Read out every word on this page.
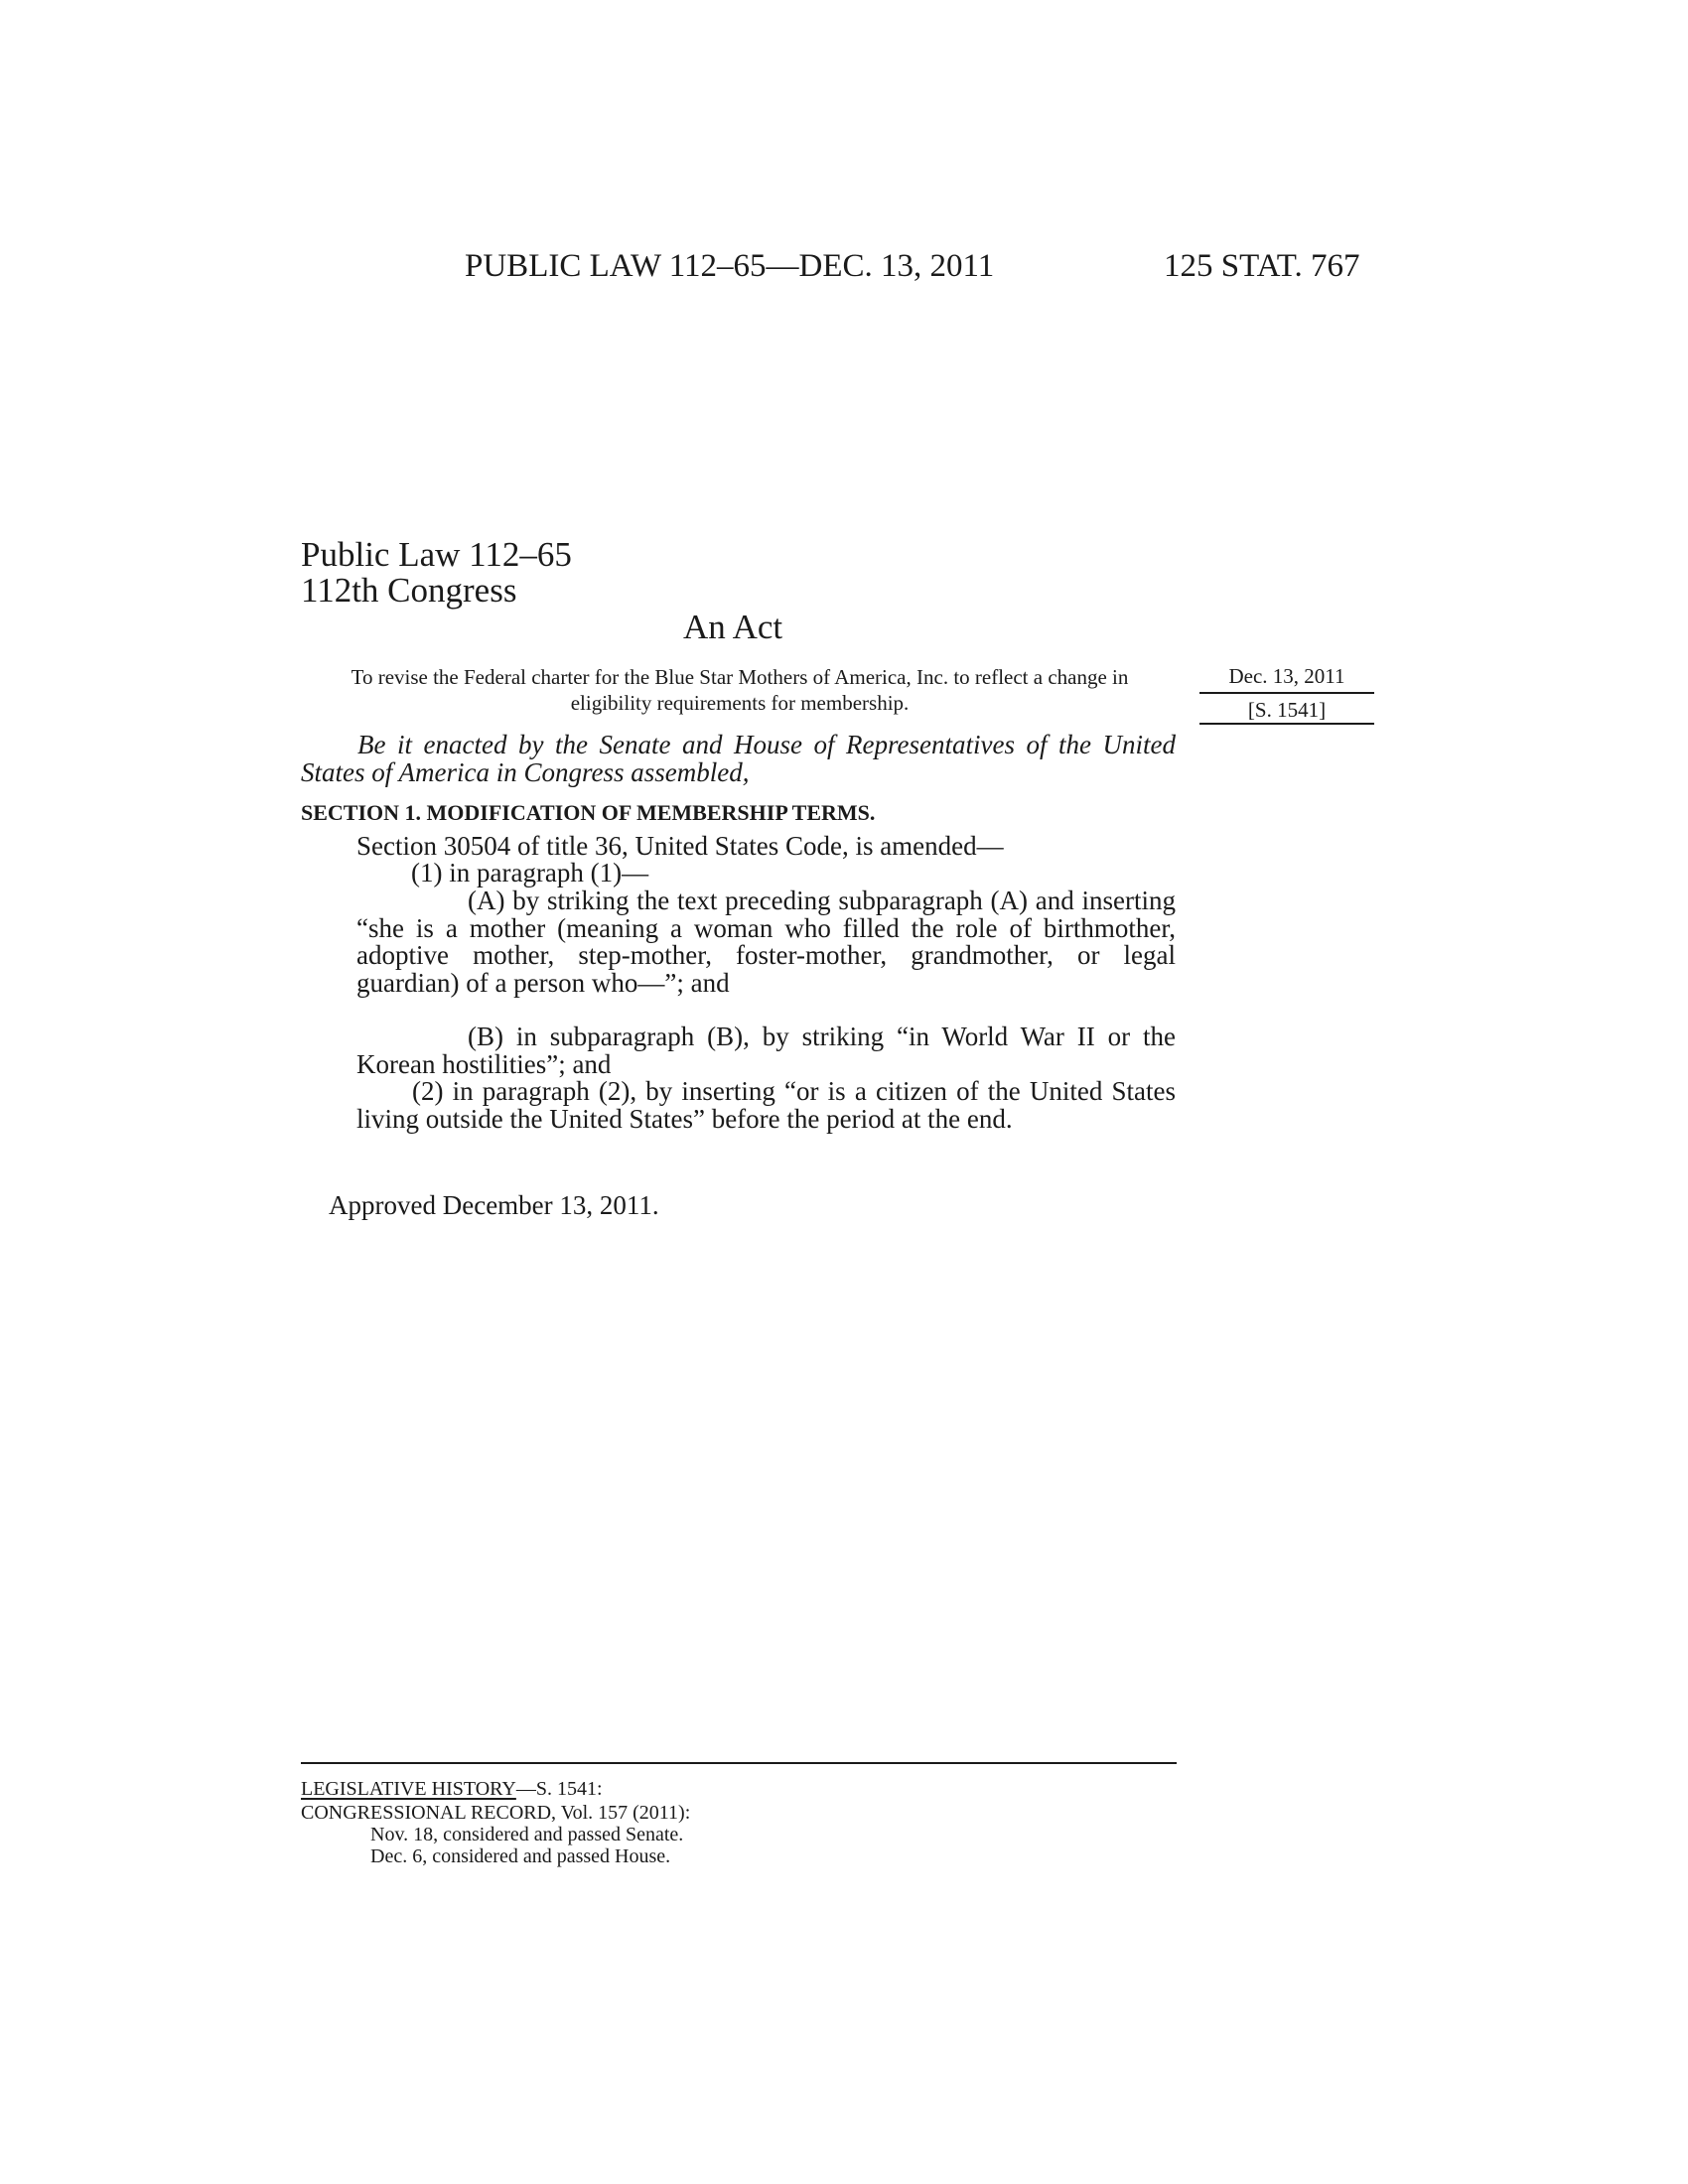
PUBLIC LAW 112–65—DEC. 13, 2011	125 STAT. 767
Public Law 112–65
112th Congress
An Act

To revise the Federal charter for the Blue Star Mothers of America, Inc. to reflect a change in eligibility requirements for membership.

Dec. 13, 2011
[S. 1541]

Be it enacted by the Senate and House of Representatives of the United States of America in Congress assembled,

SECTION 1. MODIFICATION OF MEMBERSHIP TERMS.

Section 30504 of title 36, United States Code, is amended—

(1) in paragraph (1)—

(A) by striking the text preceding subparagraph (A) and inserting “she is a mother (meaning a woman who filled the role of birthmother, adoptive mother, step-mother, foster-mother, grandmother, or legal guardian) of a person who—”; and

(B) in subparagraph (B), by striking “in World War II or the Korean hostilities”; and

(2) in paragraph (2), by inserting “or is a citizen of the United States living outside the United States” before the period at the end.

Approved December 13, 2011.
LEGISLATIVE HISTORY—S. 1541:
CONGRESSIONAL RECORD, Vol. 157 (2011):
Nov. 18, considered and passed Senate.
Dec. 6, considered and passed House.
